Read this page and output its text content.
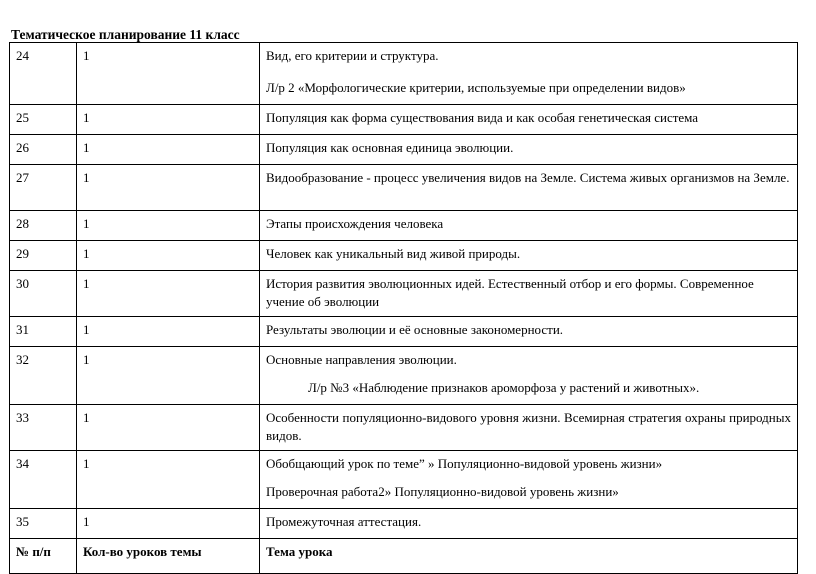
Тематическое планирование 11 класс
24	1	Вид, его критерии и структура.
Л/р 2 «Морфологические критерии, используемые при определении видов»

25	1	Популяция как форма существования вида и как особая генетическая система
26	1	Популяция как основная единица эволюции.
27	1	Видообразование - процесс увеличения видов на Земле. Система живых организмов на Земле.
28	1	Этапы происхождения человека
29	1	Человек как уникальный вид живой природы.
30	1	История развития эволюционных идей. Естественный отбор и его формы. Современное учение об эволюции
31	1	Результаты эволюции и её основные закономерности.
32	1	Основные направления эволюции.
Л/р №3 «Наблюдение признаков ароморфоза у растений и животных».

33	1	Особенности популяционно-видового уровня жизни. Всемирная стратегия охраны природных видов.
34	1	Обобщающий урок по теме” » Популяционно-видовой уровень жизни»
Проверочная работа2» Популяционно-видовой уровень жизни»

35	1	Промежуточная аттестация.
№ п/п	Кол-во уроков темы	Тема урока
